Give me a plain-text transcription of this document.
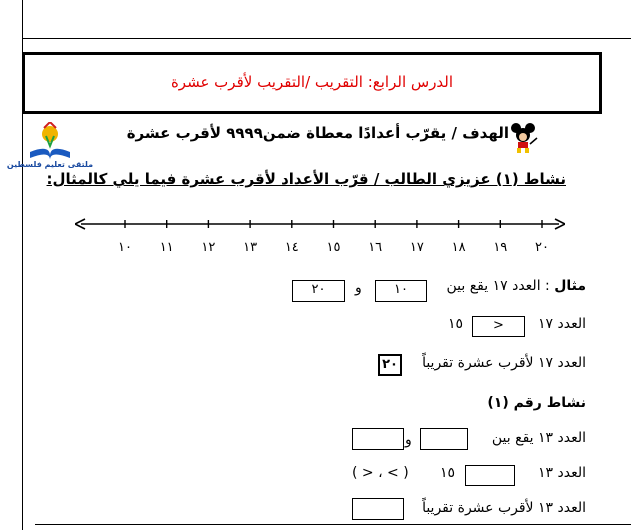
الدرس الرابع: التقريب /التقريب لأقرب عشرة
ملتقى تعليم فلسطين
الهدف / يقرّب أعدادًا معطاة ضمن٩٩٩٩ لأقرب عشرة
نشاط (١) عزيزي الطالب / قرّب الأعداد لأقرب عشرة فيما يلي كالمثال:
١٠	١١	١٢	١٣	١٤	١٥	١٦	١٧	١٨	١٩	٢٠
مثال : العدد ١٧ يقع بين
١٠
و
٢٠
العدد ١٧
>
١٥
العدد ١٧ لأقرب عشرة تقريباً
٢٠
نشاط رقم (١)
العدد ١٣ يقع بين
و
العدد ١٣
١٥
( > ، < )
العدد ١٣ لأقرب عشرة تقريباً
